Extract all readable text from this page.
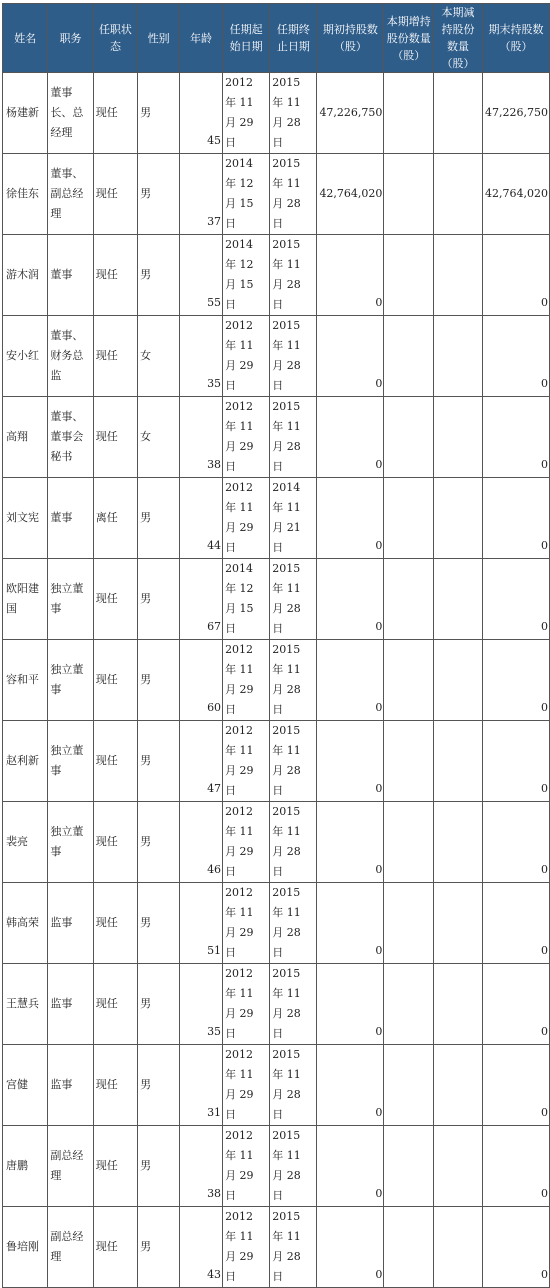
姓名	职务	任职状态	性别	年龄	任期起始日期	任期终止日期	期初持股数（股）	本期增持股份数量（股）	本期减持股份数量（股）	期末持股数（股）
杨建新	董事长、总经理	现任	男	45	2012 年 11 月 29 日	2015 年 11 月 28 日	47,226,750			47,226,750
徐佳东	董事、副总经理	现任	男	37	2014 年 12 月 15 日	2015 年 11 月 28 日	42,764,020			42,764,020
游木润	董事	现任	男	55	2014 年 12 月 15 日	2015 年 11 月 28 日	0			0
安小红	董事、财务总监	现任	女	35	2012 年 11 月 29 日	2015 年 11 月 28 日	0			0
高翔	董事、董事会秘书	现任	女	38	2012 年 11 月 29 日	2015 年 11 月 28 日	0			0
刘文宪	董事	离任	男	44	2012 年 11 月 29 日	2014 年 11 月 21 日	0			0
欧阳建国	独立董事	现任	男	67	2014 年 12 月 15 日	2015 年 11 月 28 日	0			0
容和平	独立董事	现任	男	60	2012 年 11 月 29 日	2015 年 11 月 28 日	0			0
赵利新	独立董事	现任	男	47	2012 年 11 月 29 日	2015 年 11 月 28 日	0			0
裴亮	独立董事	现任	男	46	2012 年 11 月 29 日	2015 年 11 月 28 日	0			0
韩高荣	监事	现任	男	51	2012 年 11 月 29 日	2015 年 11 月 28 日	0			0
王慧兵	监事	现任	男	35	2012 年 11 月 29 日	2015 年 11 月 28 日	0			0
宫健	监事	现任	男	31	2012 年 11 月 29 日	2015 年 11 月 28 日	0			0
唐鹏	副总经理	现任	男	38	2012 年 11 月 29 日	2015 年 11 月 28 日	0			0
鲁培刚	副总经理	现任	男	43	2012 年 11 月 29 日	2015 年 11 月 28 日	0			0
